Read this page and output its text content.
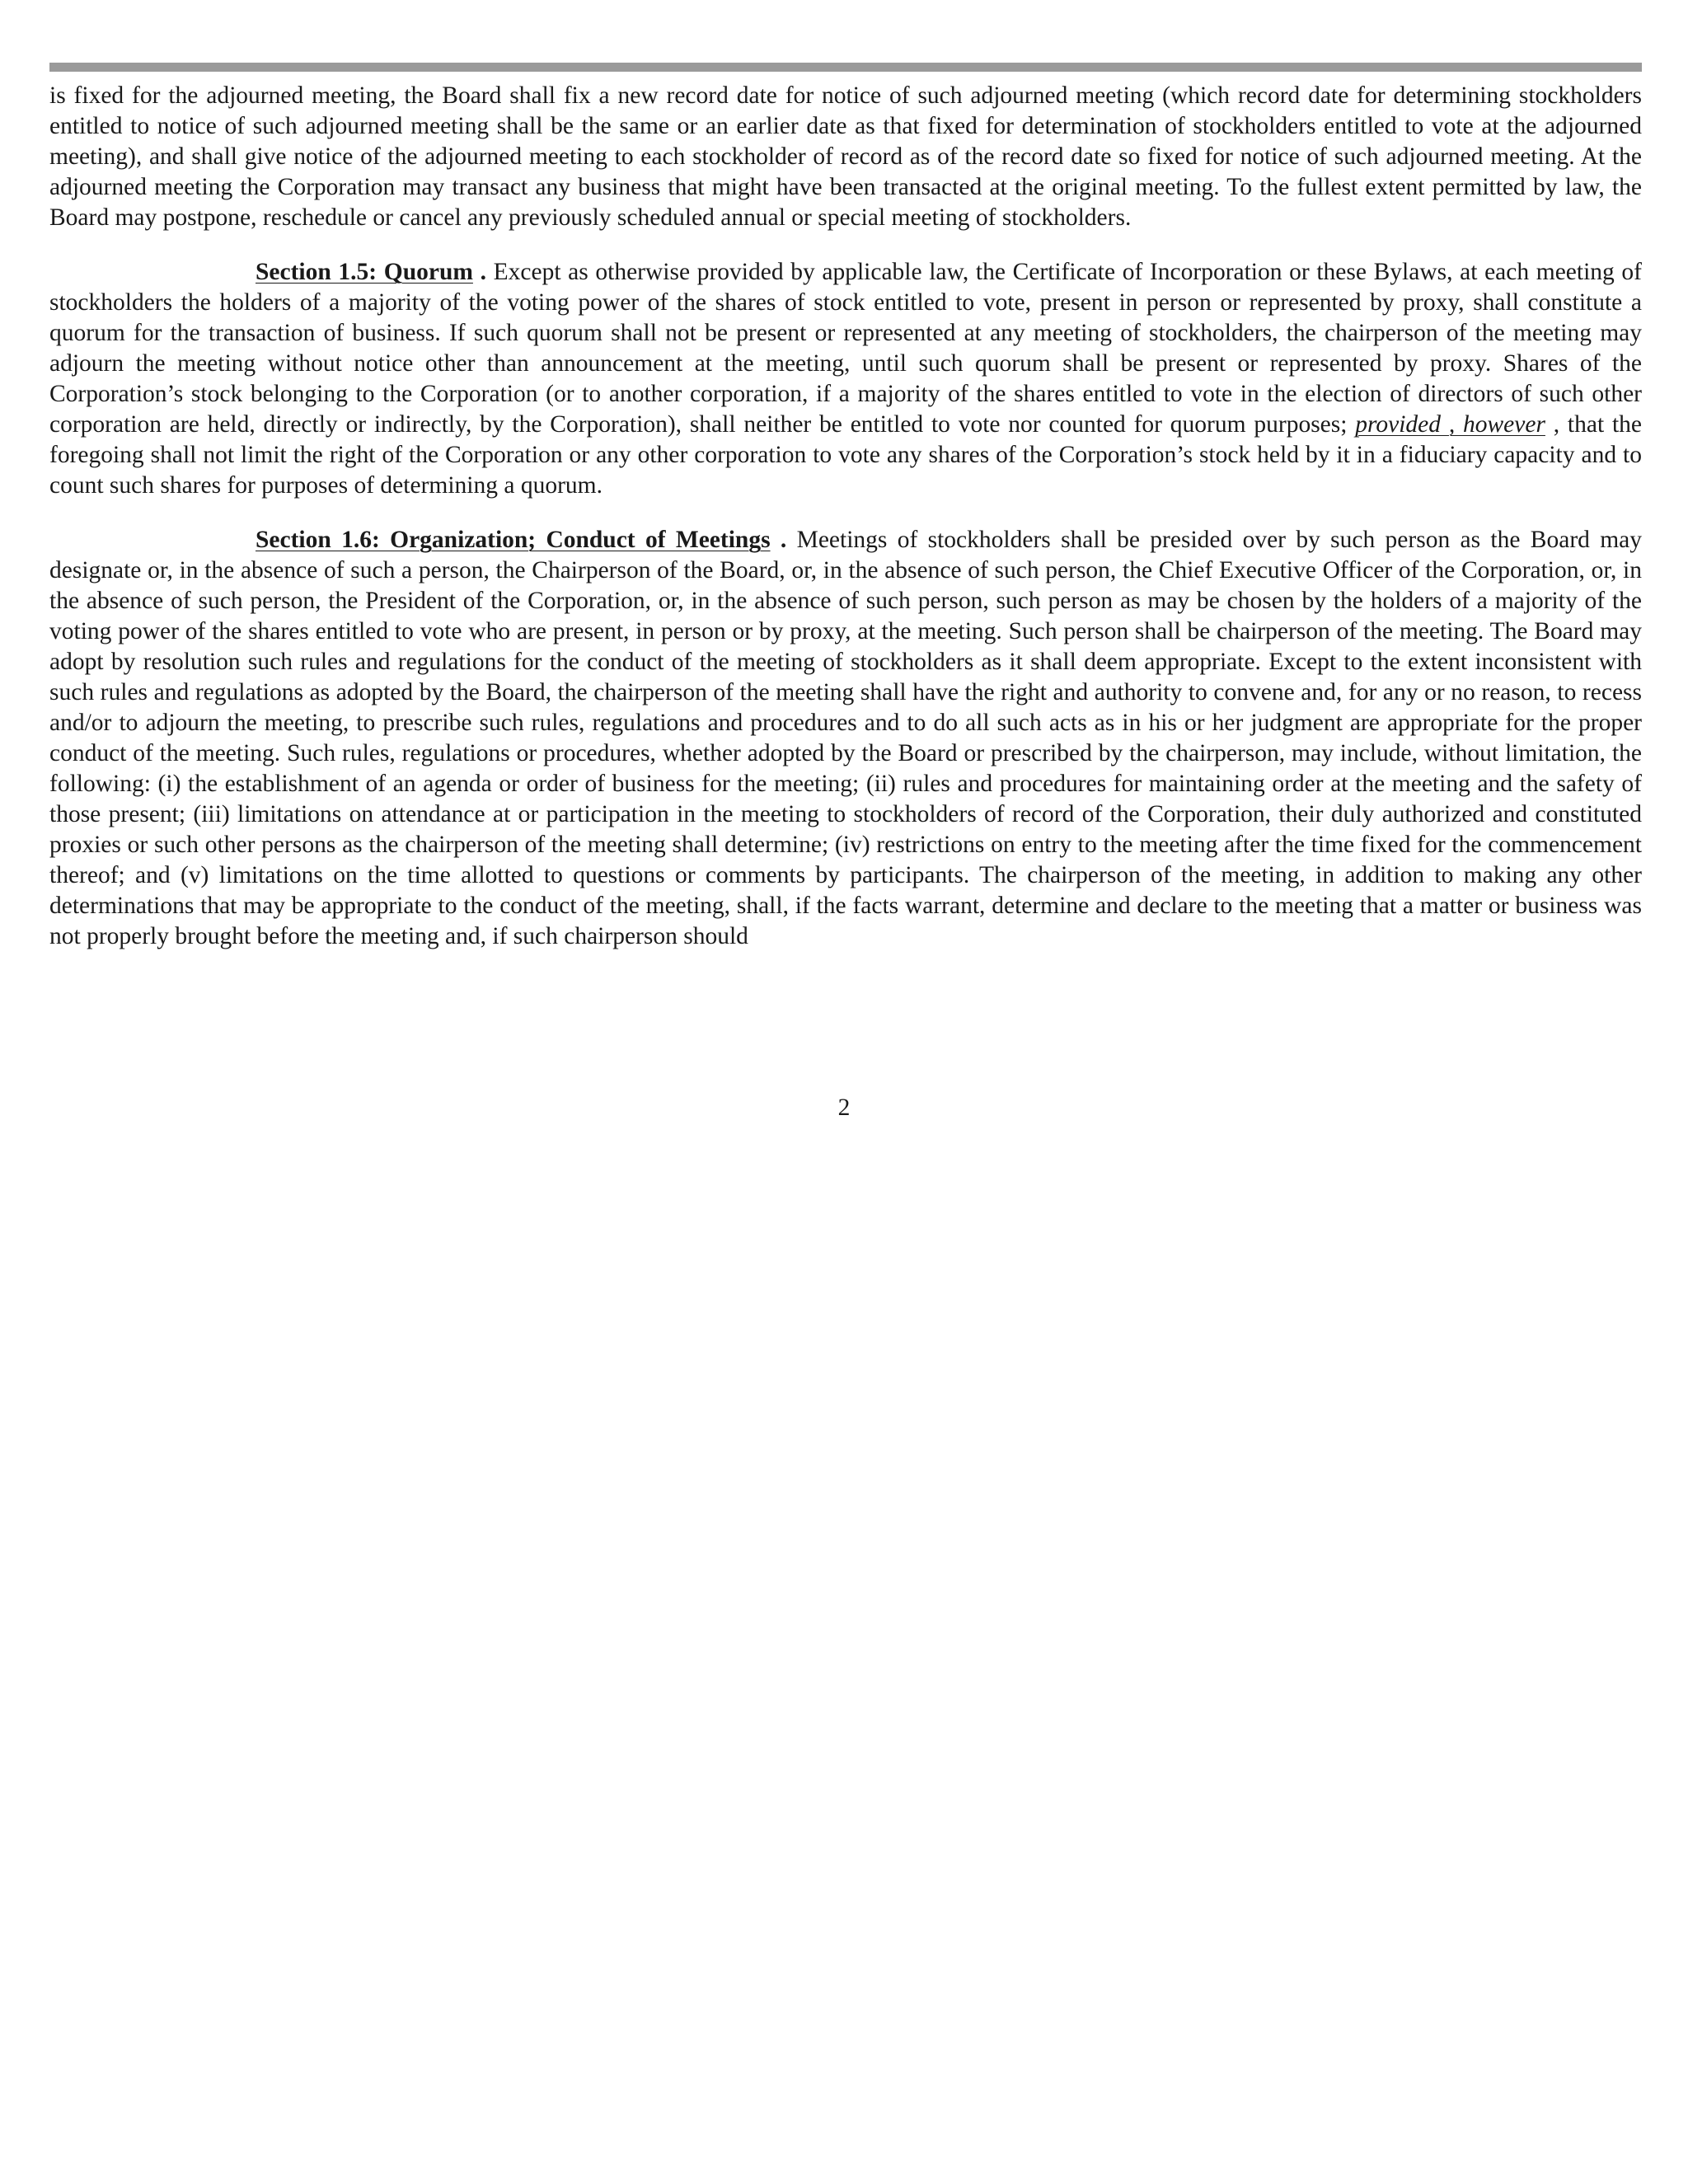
is fixed for the adjourned meeting, the Board shall fix a new record date for notice of such adjourned meeting (which record date for determining stockholders entitled to notice of such adjourned meeting shall be the same or an earlier date as that fixed for determination of stockholders entitled to vote at the adjourned meeting), and shall give notice of the adjourned meeting to each stockholder of record as of the record date so fixed for notice of such adjourned meeting. At the adjourned meeting the Corporation may transact any business that might have been transacted at the original meeting. To the fullest extent permitted by law, the Board may postpone, reschedule or cancel any previously scheduled annual or special meeting of stockholders.

Section 1.5: Quorum . Except as otherwise provided by applicable law, the Certificate of Incorporation or these Bylaws, at each meeting of stockholders the holders of a majority of the voting power of the shares of stock entitled to vote, present in person or represented by proxy, shall constitute a quorum for the transaction of business. If such quorum shall not be present or represented at any meeting of stockholders, the chairperson of the meeting may adjourn the meeting without notice other than announcement at the meeting, until such quorum shall be present or represented by proxy. Shares of the Corporation’s stock belonging to the Corporation (or to another corporation, if a majority of the shares entitled to vote in the election of directors of such other corporation are held, directly or indirectly, by the Corporation), shall neither be entitled to vote nor counted for quorum purposes; provided , however , that the foregoing shall not limit the right of the Corporation or any other corporation to vote any shares of the Corporation’s stock held by it in a fiduciary capacity and to count such shares for purposes of determining a quorum.

Section 1.6: Organization; Conduct of Meetings . Meetings of stockholders shall be presided over by such person as the Board may designate or, in the absence of such a person, the Chairperson of the Board, or, in the absence of such person, the Chief Executive Officer of the Corporation, or, in the absence of such person, the President of the Corporation, or, in the absence of such person, such person as may be chosen by the holders of a majority of the voting power of the shares entitled to vote who are present, in person or by proxy, at the meeting. Such person shall be chairperson of the meeting. The Board may adopt by resolution such rules and regulations for the conduct of the meeting of stockholders as it shall deem appropriate. Except to the extent inconsistent with such rules and regulations as adopted by the Board, the chairperson of the meeting shall have the right and authority to convene and, for any or no reason, to recess and/or to adjourn the meeting, to prescribe such rules, regulations and procedures and to do all such acts as in his or her judgment are appropriate for the proper conduct of the meeting. Such rules, regulations or procedures, whether adopted by the Board or prescribed by the chairperson, may include, without limitation, the following: (i) the establishment of an agenda or order of business for the meeting; (ii) rules and procedures for maintaining order at the meeting and the safety of those present; (iii) limitations on attendance at or participation in the meeting to stockholders of record of the Corporation, their duly authorized and constituted proxies or such other persons as the chairperson of the meeting shall determine; (iv) restrictions on entry to the meeting after the time fixed for the commencement thereof; and (v) limitations on the time allotted to questions or comments by participants. The chairperson of the meeting, in addition to making any other determinations that may be appropriate to the conduct of the meeting, shall, if the facts warrant, determine and declare to the meeting that a matter or business was not properly brought before the meeting and, if such chairperson should

2
